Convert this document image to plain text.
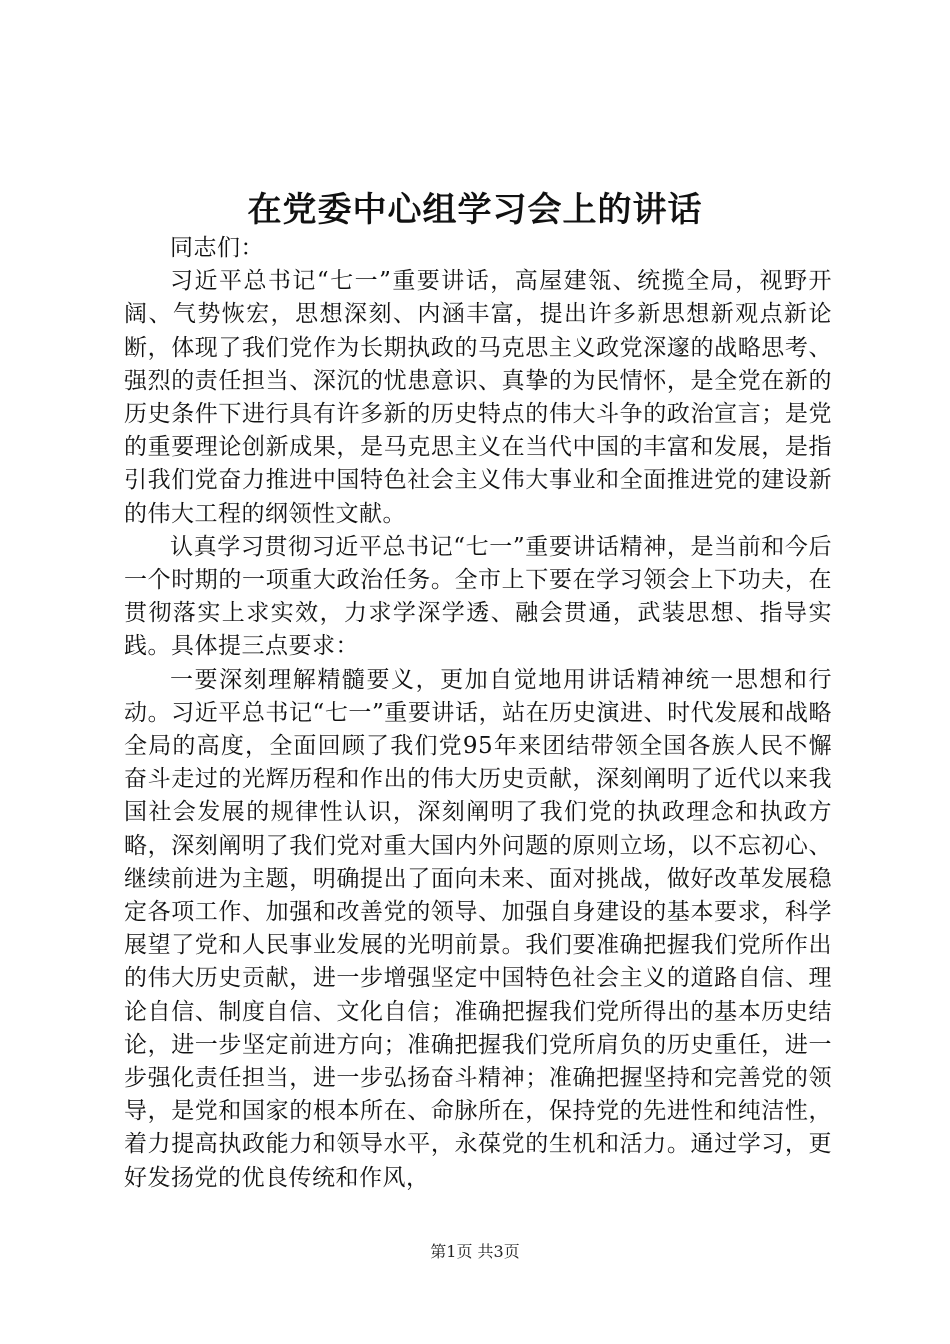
在党委中心组学习会上的讲话

同志们：

习近平总书记“七一”重要讲话，高屋建瓴、统揽全局，视野开阔、气势恢宏，思想深刻、内涵丰富，提出许多新思想新观点新论断，体现了我们党作为长期执政的马克思主义政党深邃的战略思考、强烈的责任担当、深沉的忧患意识、真挚的为民情怀，是全党在新的历史条件下进行具有许多新的历史特点的伟大斗争的政治宣言；是党的重要理论创新成果，是马克思主义在当代中国的丰富和发展，是指引我们党奋力推进中国特色社会主义伟大事业和全面推进党的建设新的伟大工程的纲领性文献。

认真学习贯彻习近平总书记“七一”重要讲话精神，是当前和今后一个时期的一项重大政治任务。全市上下要在学习领会上下功夫，在贯彻落实上求实效，力求学深学透、融会贯通，武装思想、指导实践。具体提三点要求：

一要深刻理解精髓要义，更加自觉地用讲话精神统一思想和行动。习近平总书记“七一”重要讲话，站在历史演进、时代发展和战略全局的高度，全面回顾了我们党95年来团结带领全国各族人民不懈奋斗走过的光辉历程和作出的伟大历史贡献，深刻阐明了近代以来我国社会发展的规律性认识，深刻阐明了我们党的执政理念和执政方略，深刻阐明了我们党对重大国内外问题的原则立场，以不忘初心、继续前进为主题，明确提出了面向未来、面对挑战，做好改革发展稳定各项工作、加强和改善党的领导、加强自身建设的基本要求，科学展望了党和人民事业发展的光明前景。我们要准确把握我们党所作出的伟大历史贡献，进一步增强坚定中国特色社会主义的道路自信、理论自信、制度自信、文化自信；准确把握我们党所得出的基本历史结论，进一步坚定前进方向；准确把握我们党所肩负的历史重任，进一步强化责任担当，进一步弘扬奋斗精神；准确把握坚持和完善党的领导，是党和国家的根本所在、命脉所在，保持党的先进性和纯洁性，着力提高执政能力和领导水平，永葆党的生机和活力。通过学习，更好发扬党的优良传统和作风，

第1页 共3页
